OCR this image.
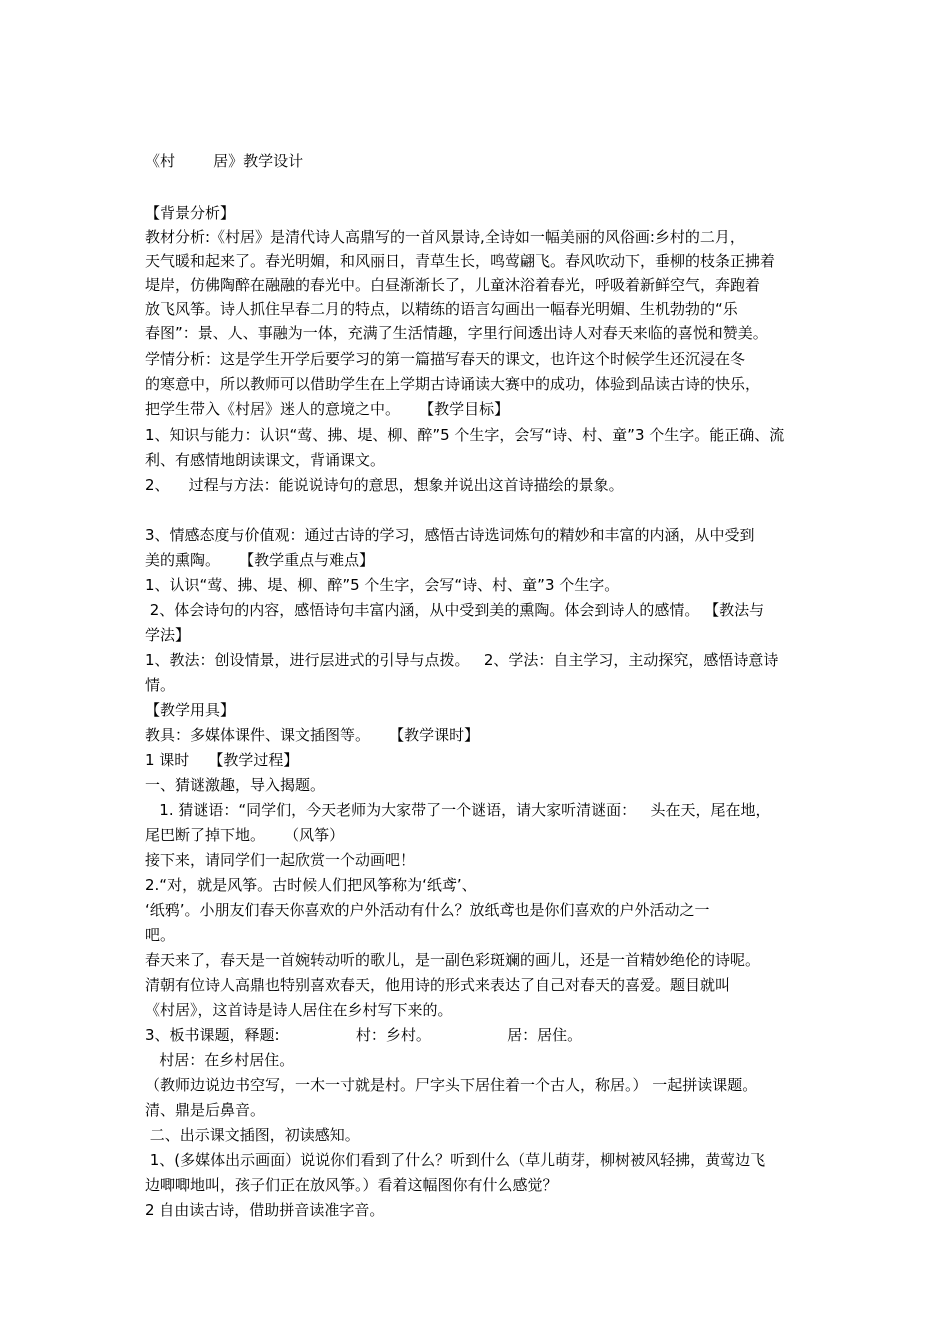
《村        居》教学设计
【背景分析】
教材分析:《村居》是清代诗人高鼎写的一首风景诗,全诗如一幅美丽的风俗画:乡村的二月，
天气暖和起来了。春光明媚，和风丽日，青草生长，鸣莺翩飞。春风吹动下，垂柳的枝条正拂着
堤岸，仿佛陶醉在融融的春光中。白昼渐渐长了，儿童沐浴着春光，呼吸着新鲜空气，奔跑着
放飞风筝。诗人抓住早春二月的特点，以精练的语言勾画出一幅春光明媚、生机勃勃的“乐
春图”：景、人、事融为一体，充满了生活情趣，字里行间透出诗人对春天来临的喜悦和赞美。
学情分析：这是学生开学后要学习的第一篇描写春天的课文，也许这个时候学生还沉浸在冬
的寒意中，所以教师可以借助学生在上学期古诗诵读大赛中的成功，体验到品读古诗的快乐，
把学生带入《村居》迷人的意境之中。    【教学目标】
1、知识与能力：认识“莺、拂、堤、柳、醉”5 个生字，会写“诗、村、童”3 个生字。能正确、流
利、有感情地朗读课文，背诵课文。
2、    过程与方法：能说说诗句的意思，想象并说出这首诗描绘的景象。
3、情感态度与价值观：通过古诗的学习，感悟古诗选词炼句的精妙和丰富的内涵，从中受到
美的熏陶。    【教学重点与难点】
1、认识“莺、拂、堤、柳、醉”5 个生字，会写“诗、村、童”3 个生字。
2、体会诗句的内容，感悟诗句丰富内涵，从中受到美的熏陶。体会到诗人的感情。 【教法与
学法】
1、教法：创设情景，进行层进式的引导与点拨。   2、学法：自主学习，主动探究，感悟诗意诗
情。
【教学用具】
教具：多媒体课件、课文插图等。    【教学课时】
1 课时    【教学过程】
一、猜谜激趣，导入揭题。
1. 猜谜语：“同学们，今天老师为大家带了一个谜语，请大家听清谜面：   头在天，尾在地，
尾巴断了掉下地。    （风筝）
接下来，请同学们一起欣赏一个动画吧！
2.“对，就是风筝。古时候人们把风筝称为‘纸鸢’、
‘纸鸦’。小朋友们春天你喜欢的户外活动有什么？放纸鸢也是你们喜欢的户外活动之一
吧。
春天来了，春天是一首婉转动听的歌儿，是一副色彩斑斓的画儿，还是一首精妙绝伦的诗呢。
清朝有位诗人高鼎也特别喜欢春天，他用诗的形式来表达了自己对春天的喜爱。题目就叫
《村居》，这首诗是诗人居住在乡村写下来的。
3、板书课题，释题:                村：乡村。                居：居住。
村居：在乡村居住。
（教师边说边书空写，一木一寸就是村。尸字头下居住着一个古人，称居。） 一起拼读课题。
清、鼎是后鼻音。
二、出示课文插图，初读感知。
1、(多媒体出示画面）说说你们看到了什么？听到什么（草儿萌芽，柳树被风轻拂，黄莺边飞
边唧唧地叫，孩子们正在放风筝。）看着这幅图你有什么感觉？
2 自由读古诗，借助拼音读准字音。
